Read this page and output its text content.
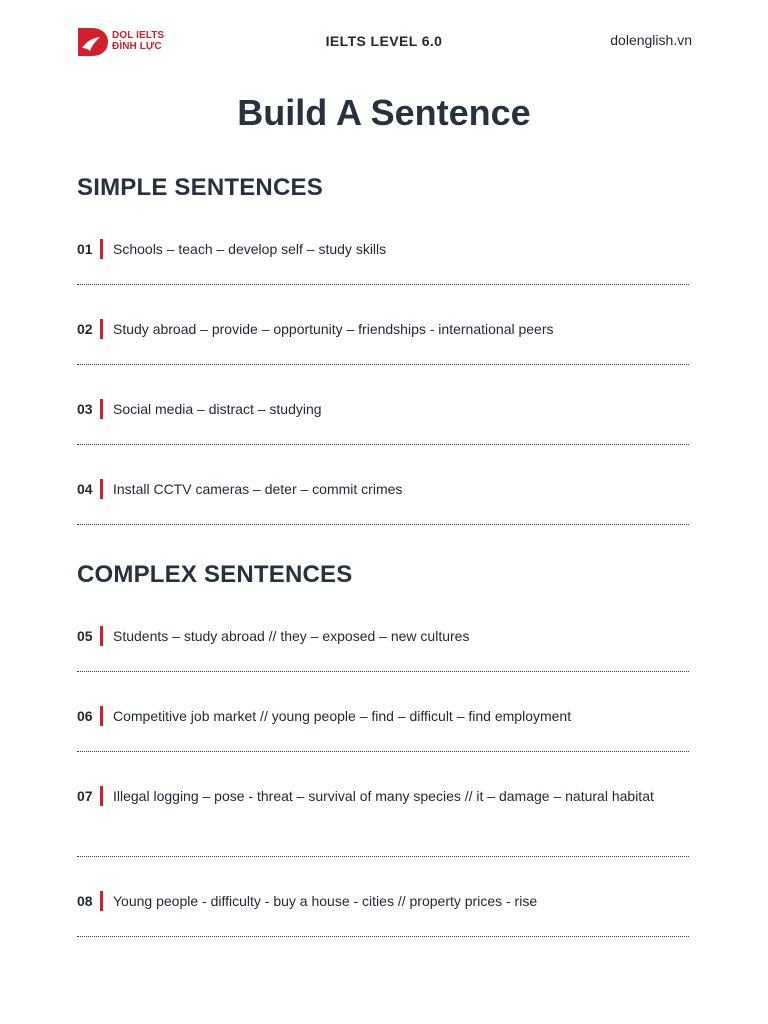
DOL IELTS
ĐÌNH LỰC	IELTS LEVEL 6.0	dolenglish.vn
Build A Sentence
SIMPLE SENTENCES
01	Schools – teach – develop self – study skills
02	Study abroad – provide – opportunity – friendships - international peers
03	Social media – distract – studying
04	Install CCTV cameras – deter – commit crimes
COMPLEX SENTENCES
05	Students – study abroad // they – exposed – new cultures
06	Competitive job market // young people – find – difficult – find employment
07	Illegal logging – pose - threat – survival of many species // it – damage – natural habitat
08	Young people - difficulty - buy a house - cities // property prices - rise
